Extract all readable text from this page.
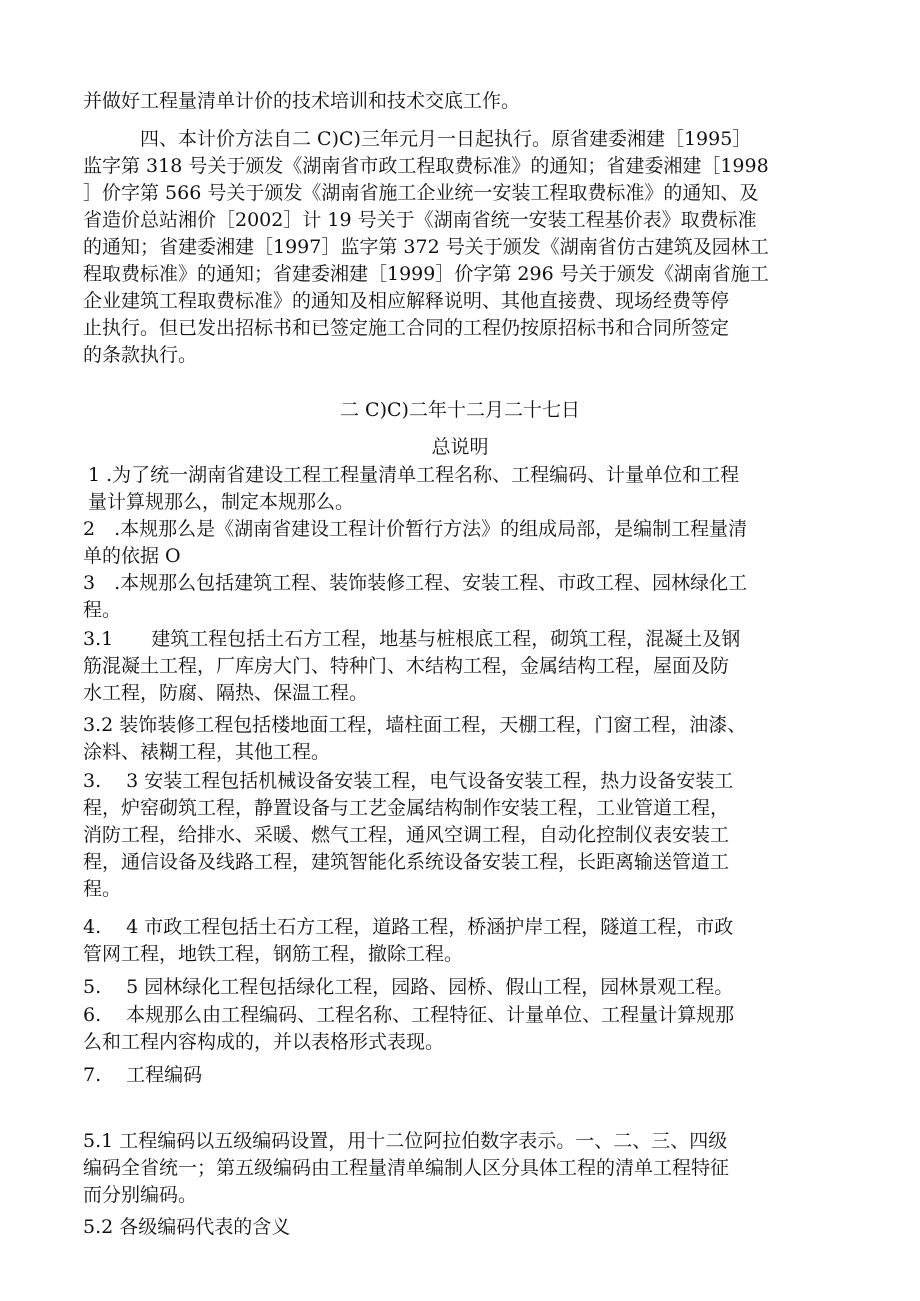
并做好工程量清单计价的技术培训和技术交底工作。
　　　四、本计价方法自二 C)C)三年元月一日起执行。原省建委湘建［1995］
监字第 318 号关于颁发《湖南省市政工程取费标准》的通知；省建委湘建［1998
］价字第 566 号关于颁发《湖南省施工企业统一安装工程取费标准》的通知、及
省造价总站湘价［2002］计 19 号关于《湖南省统一安装工程基价表》取费标准
的通知；省建委湘建［1997］监字第 372 号关于颁发《湖南省仿古建筑及园林工
程取费标准》的通知；省建委湘建［1999］价字第 296 号关于颁发《湖南省施工
企业建筑工程取费标准》的通知及相应解释说明、其他直接费、现场经费等停
止执行。但已发出招标书和已签定施工合同的工程仍按原招标书和合同所签定
的条款执行。
二 C)C)二年十二月二十七日
总说明
1 .为了统一湖南省建设工程工程量清单工程名称、工程编码、计量单位和工程
量计算规那么，制定本规那么。
2　.本规那么是《湖南省建设工程计价暂行方法》的组成局部，是编制工程量清
单的依据 O
3　.本规那么包括建筑工程、装饰装修工程、安装工程、市政工程、园林绿化工
程。
3.1　　建筑工程包括土石方工程，地基与桩根底工程，砌筑工程，混凝土及钢
筋混凝土工程，厂库房大门、特种门、木结构工程，金属结构工程，屋面及防
水工程，防腐、隔热、保温工程。
3.2 装饰装修工程包括楼地面工程，墙柱面工程，天棚工程，门窗工程，油漆、
涂料、裱糊工程，其他工程。
3.　 3 安装工程包括机械设备安装工程，电气设备安装工程，热力设备安装工
程，炉窑砌筑工程，静置设备与工艺金属结构制作安装工程，工业管道工程，
消防工程，给排水、采暖、燃气工程，通风空调工程，自动化控制仪表安装工
程，通信设备及线路工程，建筑智能化系统设备安装工程，长距离输送管道工
程。
4.　 4 市政工程包括土石方工程，道路工程，桥涵护岸工程，隧道工程，市政
管网工程，地铁工程，钢筋工程，撤除工程。
5.　 5 园林绿化工程包括绿化工程，园路、园桥、假山工程，园林景观工程。
6.　 本规那么由工程编码、工程名称、工程特征、计量单位、工程量计算规那
么和工程内容构成的，并以表格形式表现。
7.　 工程编码
5.1 工程编码以五级编码设置，用十二位阿拉伯数字表示。一、二、三、四级
编码全省统一；第五级编码由工程量清单编制人区分具体工程的清单工程特征
而分别编码。
5.2 各级编码代表的含义
